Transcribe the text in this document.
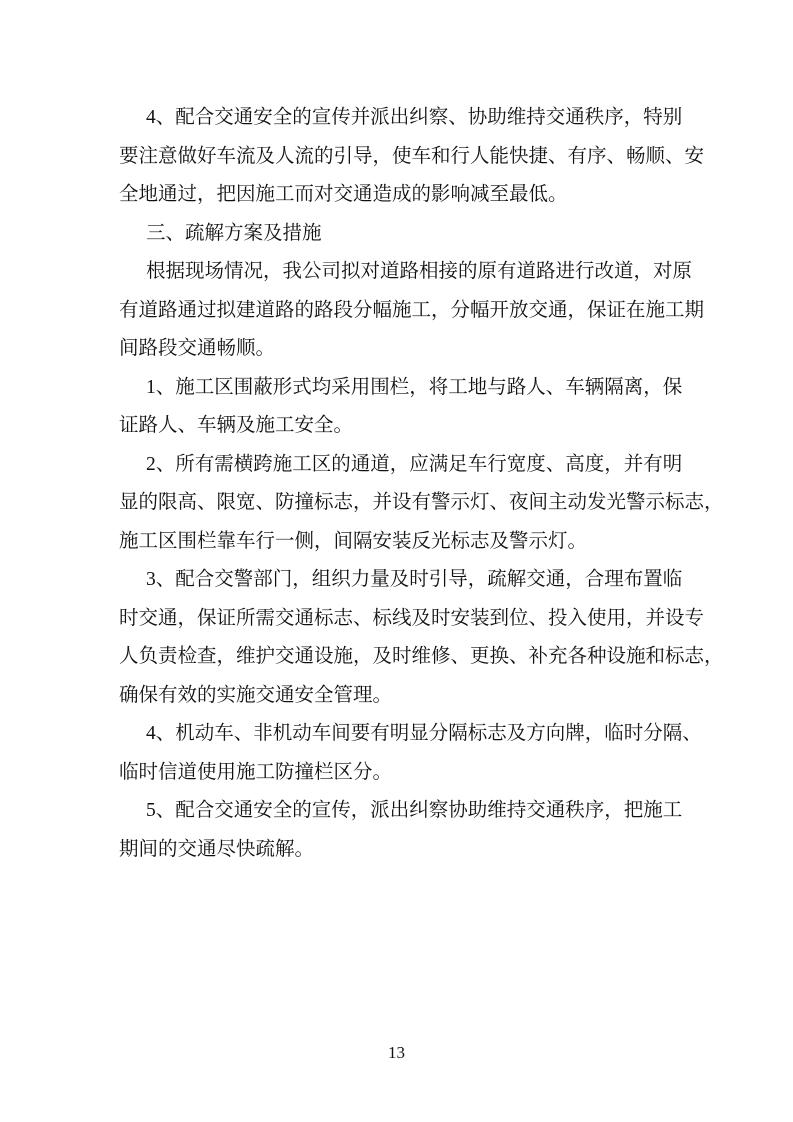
4、配合交通安全的宣传并派出纠察、协助维持交通秩序，特别
要注意做好车流及人流的引导，使车和行人能快捷、有序、畅顺、安
全地通过，把因施工而对交通造成的影响减至最低。
三、疏解方案及措施
根据现场情况，我公司拟对道路相接的原有道路进行改道，对原
有道路通过拟建道路的路段分幅施工，分幅开放交通，保证在施工期
间路段交通畅顺。
1、施工区围蔽形式均采用围栏，将工地与路人、车辆隔离，保
证路人、车辆及施工安全。
2、所有需横跨施工区的通道，应满足车行宽度、高度，并有明
显的限高、限宽、防撞标志，并设有警示灯、夜间主动发光警示标志，
施工区围栏靠车行一侧，间隔安装反光标志及警示灯。
3、配合交警部门，组织力量及时引导，疏解交通，合理布置临
时交通，保证所需交通标志、标线及时安装到位、投入使用，并设专
人负责检查，维护交通设施，及时维修、更换、补充各种设施和标志，
确保有效的实施交通安全管理。
4、机动车、非机动车间要有明显分隔标志及方向牌，临时分隔、
临时信道使用施工防撞栏区分。
5、配合交通安全的宣传，派出纠察协助维持交通秩序，把施工
期间的交通尽快疏解。
13
